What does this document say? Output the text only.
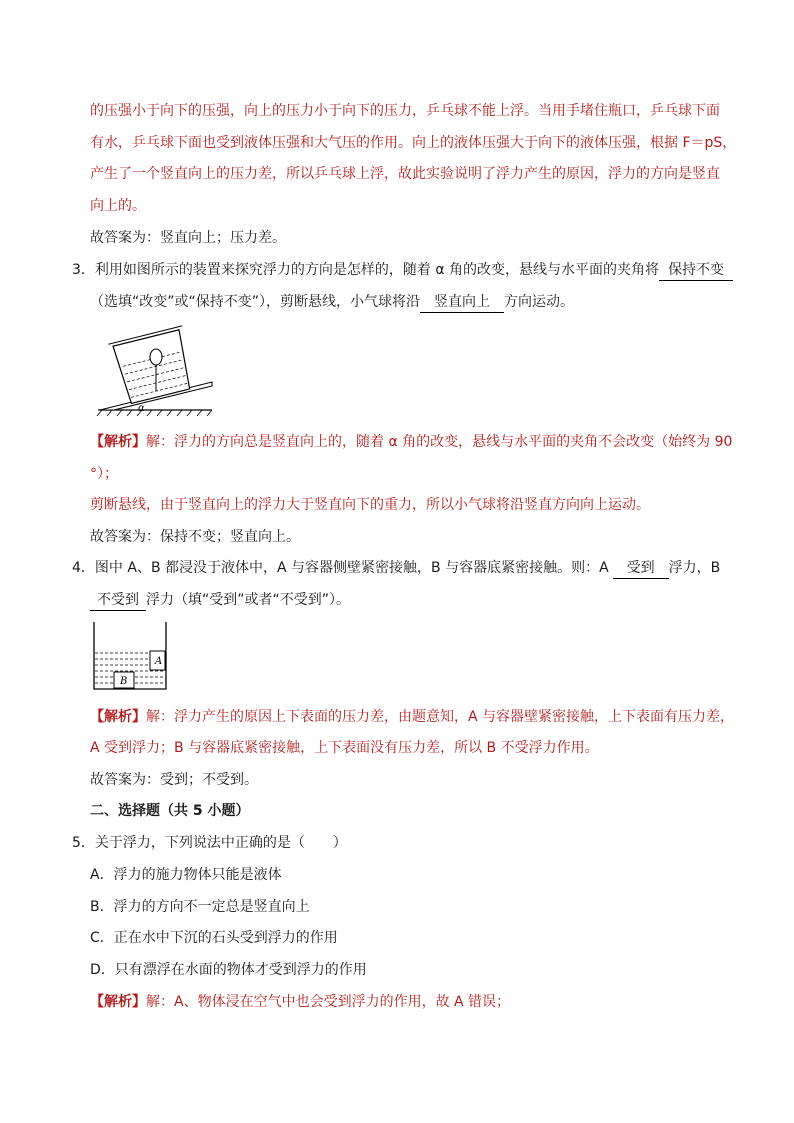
的压强小于向下的压强，向上的压力小于向下的压力，乒乓球不能上浮。当用手堵住瓶口，乒乓球下面
有水，乒乓球下面也受到液体压强和大气压的作用。向上的液体压强大于向下的液体压强，根据 F＝pS，
产生了一个竖直向上的压力差，所以乒乓球上浮，故此实验说明了浮力产生的原因，浮力的方向是竖直
向上的。
故答案为：竖直向上；压力差。
3．利用如图所示的装置来探究浮力的方向是怎样的，随着 α 角的改变，悬线与水平面的夹角将 保持不变
（选填“改变”或“保持不变”），剪断悬线，小气球将沿 竖直向上 方向运动。
α
【解析】解：浮力的方向总是竖直向上的，随着 α 角的改变，悬线与水平面的夹角不会改变（始终为 90
°）；
剪断悬线，由于竖直向上的浮力大于竖直向下的重力，所以小气球将沿竖直方向向上运动。
故答案为：保持不变；竖直向上。
4．图中 A、B 都浸没于液体中，A 与容器侧壁紧密接触，B 与容器底紧密接触。则：A 受到 浮力，B
不受到 浮力（填“受到”或者“不受到”）。
A
B
【解析】解：浮力产生的原因上下表面的压力差，由题意知，A 与容器壁紧密接触，上下表面有压力差，
A 受到浮力；B 与容器底紧密接触，上下表面没有压力差，所以 B 不受浮力作用。
故答案为：受到；不受到。
二、选择题（共 5 小题）
5．关于浮力，下列说法中正确的是（　　）
A．浮力的施力物体只能是液体
B．浮力的方向不一定总是竖直向上
C．正在水中下沉的石头受到浮力的作用
D．只有漂浮在水面的物体才受到浮力的作用
【解析】解：A、物体浸在空气中也会受到浮力的作用，故 A 错误；
